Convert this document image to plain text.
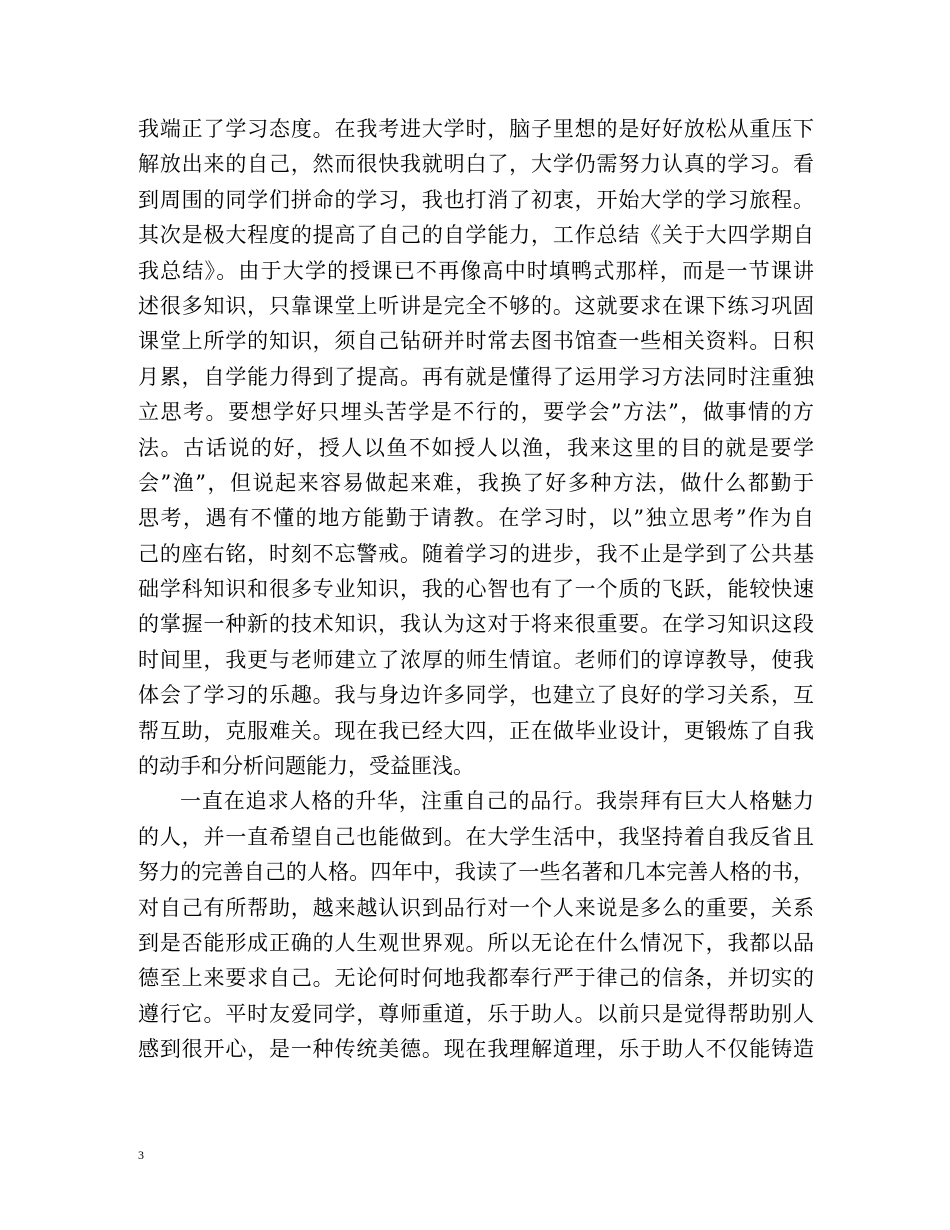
我端正了学习态度。在我考进大学时，脑子里想的是好好放松从重压下
解放出来的自己，然而很快我就明白了，大学仍需努力认真的学习。看
到周围的同学们拼命的学习，我也打消了初衷，开始大学的学习旅程。
其次是极大程度的提高了自己的自学能力，工作总结《关于大四学期自
我总结》。由于大学的授课已不再像高中时填鸭式那样，而是一节课讲
述很多知识，只靠课堂上听讲是完全不够的。这就要求在课下练习巩固
课堂上所学的知识，须自己钻研并时常去图书馆查一些相关资料。日积
月累，自学能力得到了提高。再有就是懂得了运用学习方法同时注重独
立思考。要想学好只埋头苦学是不行的，要学会”方法”，做事情的方
法。古话说的好，授人以鱼不如授人以渔，我来这里的目的就是要学
会”渔”，但说起来容易做起来难，我换了好多种方法，做什么都勤于
思考，遇有不懂的地方能勤于请教。在学习时，以”独立思考”作为自
己的座右铭，时刻不忘警戒。随着学习的进步，我不止是学到了公共基
础学科知识和很多专业知识，我的心智也有了一个质的飞跃，能较快速
的掌握一种新的技术知识，我认为这对于将来很重要。在学习知识这段
时间里，我更与老师建立了浓厚的师生情谊。老师们的谆谆教导，使我
体会了学习的乐趣。我与身边许多同学，也建立了良好的学习关系，互
帮互助，克服难关。现在我已经大四，正在做毕业设计，更锻炼了自我
的动手和分析问题能力，受益匪浅。
一直在追求人格的升华，注重自己的品行。我崇拜有巨大人格魅力
的人，并一直希望自己也能做到。在大学生活中，我坚持着自我反省且
努力的完善自己的人格。四年中，我读了一些名著和几本完善人格的书，
对自己有所帮助，越来越认识到品行对一个人来说是多么的重要，关系
到是否能形成正确的人生观世界观。所以无论在什么情况下，我都以品
德至上来要求自己。无论何时何地我都奉行严于律己的信条，并切实的
遵行它。平时友爱同学，尊师重道，乐于助人。以前只是觉得帮助别人
感到很开心，是一种传统美德。现在我理解道理，乐于助人不仅能铸造
3
